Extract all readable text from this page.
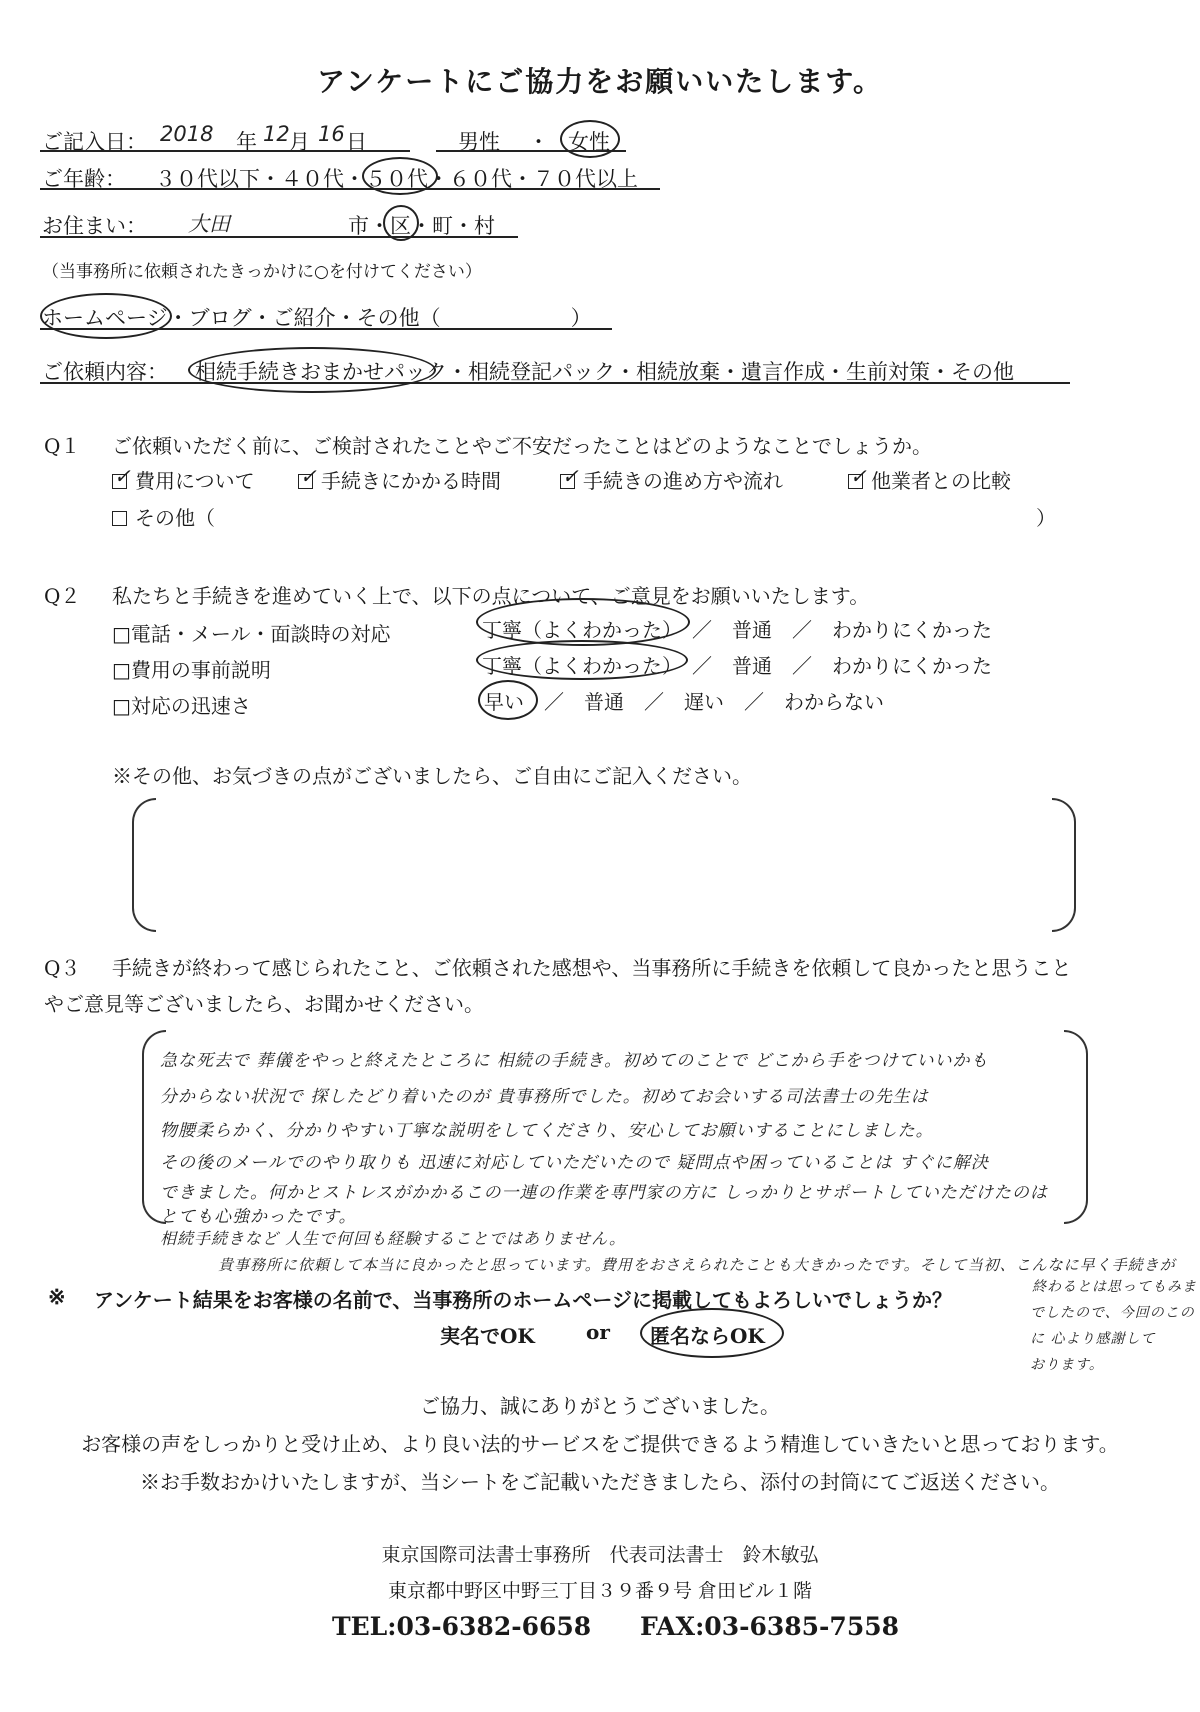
アンケートにご協力をお願いいたします。
ご記入日： 2018 年 12 月 16 日	男性 ・ 女性
ご年齢： ３０代以下・４０代・５０代・６０代・７０代以上
お住まい： 大田	市・区・町・村
（当事務所に依頼されたきっかけに○を付けてください）
ホームページ・ブログ・ご紹介・その他（	）
ご依頼内容： 相続手続きおまかせパック・相続登記パック・相続放棄・遺言作成・生前対策・その他
Q１ ご依頼いただく前に、ご検討されたことやご不安だったことはどのようなことでしょうか。
✓費用について ✓	手続きにかかる時間 ✓	手続きの進め方や流れ ✓	他業者との比較
その他（	）
Q２ 私たちと手続きを進めていく上で、以下の点について、ご意見をお願いいたします。
□電話・メール・面談時の対応	丁寧（よくわかった）　 ／　 普通　 ／　 わかりにくかった
□費用の事前説明	丁寧（よくわかった）　 ／　 普通　 ／　 わかりにくかった
□対応の迅速さ	早い　 ／　 普通　 ／　 遅い　 ／　 わからない
※その他、お気づきの点がございましたら、ご自由にご記入ください。
Q３ 手続きが終わって感じられたこと、ご依頼された感想や、当事務所に手続きを依頼して良かったと思うこと
やご意見等ございましたら、お聞かせください。
急な死去で 葬儀をやっと終えたところに 相続の手続き。初めてのことで どこから手をつけていいかも
分からない状況で 探したどり着いたのが 貴事務所でした。初めてお会いする司法書士の先生は
物腰柔らかく、分かりやすい丁寧な説明をしてくださり、安心してお願いすることにしました。
その後のメールでのやり取りも 迅速に対応していただいたので 疑問点や困っていることは すぐに解決
できました。何かとストレスがかかるこの一連の作業を専門家の方に しっかりとサポートしていただけたのは
とても心強かったです。
相続手続きなど 人生で何回も経験することではありません。
貴事務所に依頼して本当に良かったと思っています。費用をおさえられたことも大きかったです。そして当初、こんなに早く手続きが
終わるとは思ってもみま
でしたので、今回のこの
に 心より感謝して
おります。
※ アンケート結果をお客様の名前で、当事務所のホームページに掲載してもよろしいでしょうか？
実名でOK	or 匿名ならOK
ご協力、誠にありがとうございました。
お客様の声をしっかりと受け止め、より良い法的サービスをご提供できるよう精進していきたいと思っております。
※お手数おかけいたしますが、当シートをご記載いただきましたら、添付の封筒にてご返送ください。
東京国際司法書士事務所　代表司法書士　鈴木敏弘
東京都中野区中野三丁目３９番９号 倉田ビル１階
TEL:03-6382-6658 FAX:03-6385-7558
